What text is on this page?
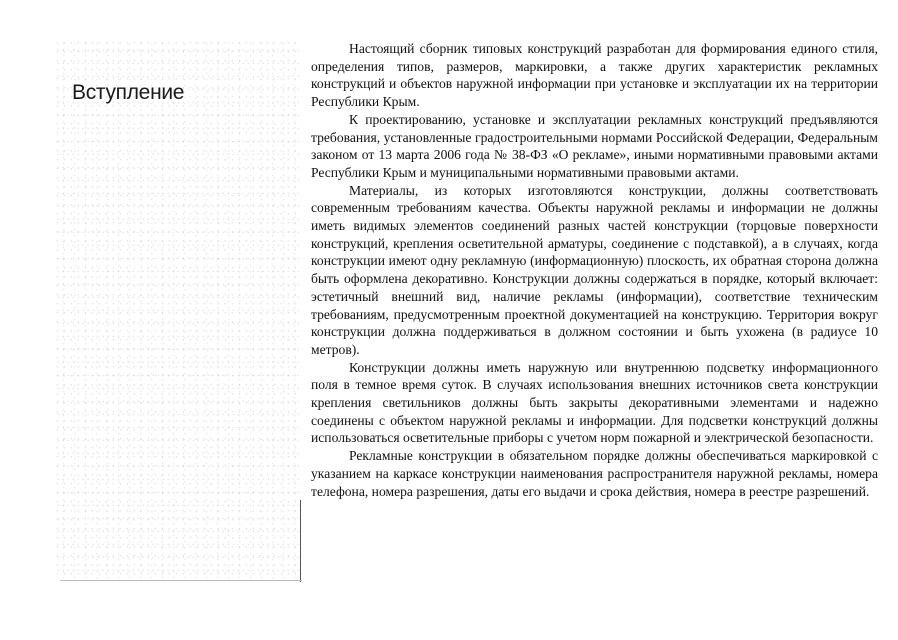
Вступление

Настоящий сборник типовых конструкций разработан для формирования единого стиля, определения типов, размеров, маркировки, а также других характеристик рекламных конструкций и объектов наружной информации при установке и эксплуатации их на территории Республики Крым.

К проектированию, установке и эксплуатации рекламных конструкций предъявляются требования, установленные градостроительными нормами Российской Федерации, Федеральным законом от 13 марта 2006 года № 38-ФЗ «О рекламе», иными нормативными правовыми актами Республики Крым и муниципальными нормативными правовыми актами.

Материалы, из которых изготовляются конструкции, должны соответствовать современным требованиям качества. Объекты наружной рекламы и информации не должны иметь видимых элементов соединений разных частей конструкции (торцовые поверхности конструкций, крепления осветительной арматуры, соединение с подставкой), а в случаях, когда конструкции имеют одну рекламную (информационную) плоскость, их обратная сторона должна быть оформлена декоративно. Конструкции должны содержаться в порядке, который включает: эстетичный внешний вид, наличие рекламы (информации), соответствие техническим требованиям, предусмотренным проектной документацией на конструкцию. Территория вокруг конструкции должна поддерживаться в должном состоянии и быть ухожена (в радиусе 10 метров).

Конструкции должны иметь наружную или внутреннюю подсветку информационного поля в темное время суток. В случаях использования внешних источников света конструкции крепления светильников должны быть закрыты декоративными элементами и надежно соединены с объектом наружной рекламы и информации. Для подсветки конструкций должны использоваться осветительные приборы с учетом норм пожарной и электрической безопасности.

Рекламные конструкции в обязательном порядке должны обеспечиваться маркировкой с указанием на каркасе конструкции наименования распространителя наружной рекламы, номера телефона, номера разрешения, даты его выдачи и срока действия, номера в реестре разрешений.
